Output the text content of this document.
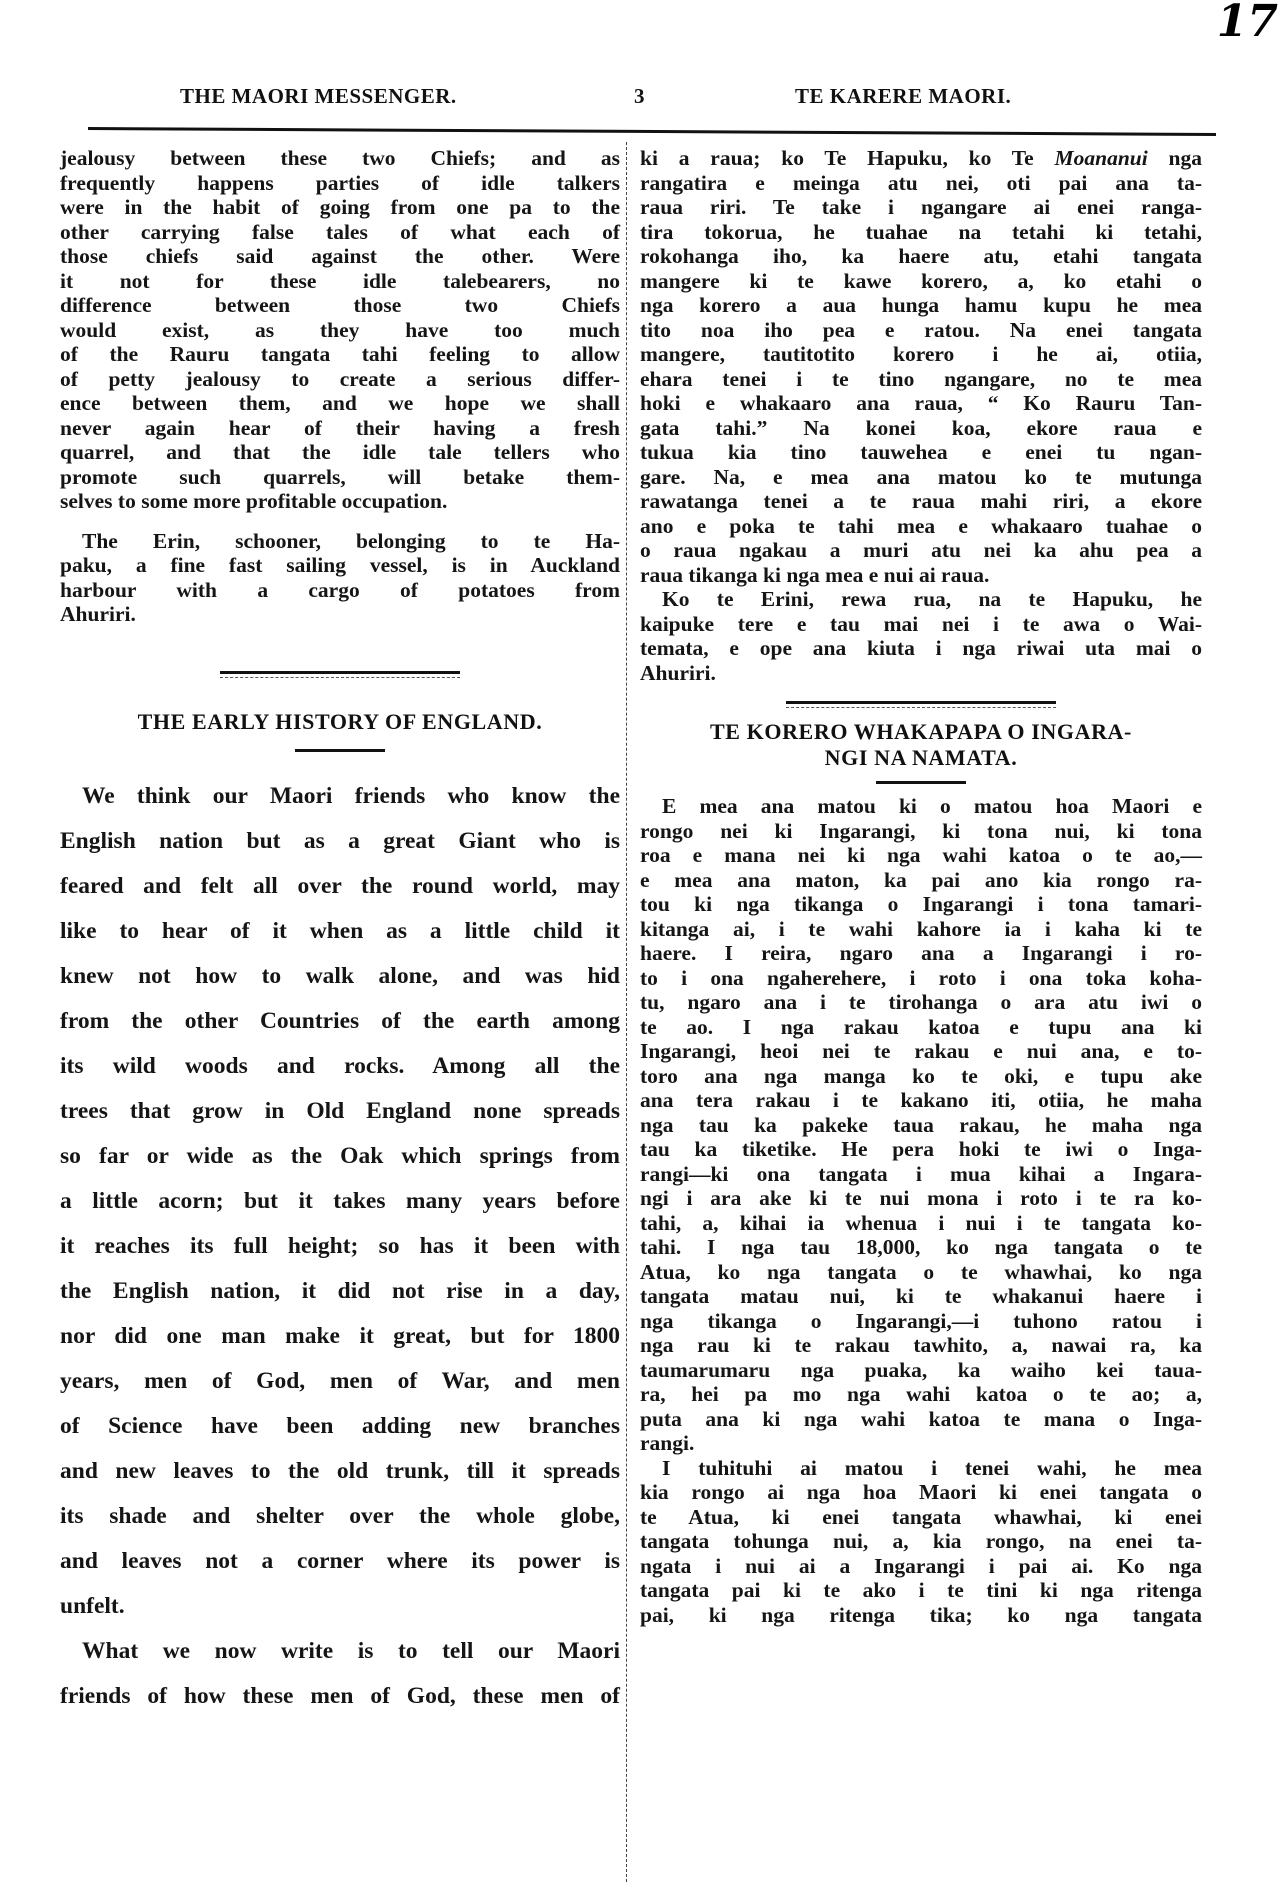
17
THE MAORI MESSENGER.	3	TE KARERE MAORI.
jealousy between these two Chiefs; and as
frequently happens parties of idle talkers
were in the habit of going from one pa to the
other carrying false tales of what each of
those chiefs said against the other. Were
it not for these idle talebearers, no
difference between those two Chiefs
would exist, as they have too much
of the Rauru tangata tahi feeling to allow
of petty jealousy to create a serious differ-
ence between them, and we hope we shall
never again hear of their having a fresh
quarrel, and that the idle tale tellers who
promote such quarrels, will betake them-
selves to some more profitable occupation.
The Erin, schooner, belonging to te Ha-
paku, a fine fast sailing vessel, is in Auckland
harbour with a cargo of potatoes from
Ahuriri.
THE EARLY HISTORY OF ENGLAND.
We think our Maori friends who know the
English nation but as a great Giant who is
feared and felt all over the round world, may
like to hear of it when as a little child it
knew not how to walk alone, and was hid
from the other Countries of the earth among
its wild woods and rocks. Among all the
trees that grow in Old England none spreads
so far or wide as the Oak which springs from
a little acorn; but it takes many years before
it reaches its full height; so has it been with
the English nation, it did not rise in a day,
nor did one man make it great, but for 1800
years, men of God, men of War, and men
of Science have been adding new branches
and new leaves to the old trunk, till it spreads
its shade and shelter over the whole globe,
and leaves not a corner where its power is
unfelt.
What we now write is to tell our Maori
friends of how these men of God, these men of
ki a raua; ko Te Hapuku, ko Te Moananui nga
rangatira e meinga atu nei, oti pai ana ta-
raua riri. Te take i ngangare ai enei ranga-
tira tokorua, he tuahae na tetahi ki tetahi,
rokohanga iho, ka haere atu, etahi tangata
mangere ki te kawe korero, a, ko etahi o
nga korero a aua hunga hamu kupu he mea
tito noa iho pea e ratou. Na enei tangata
mangere, tautitotito korero i he ai, otiia,
ehara tenei i te tino ngangare, no te mea
hoki e whakaaro ana raua, “ Ko Rauru Tan-
gata tahi.” Na konei koa, ekore raua e
tukua kia tino tauwehea e enei tu ngan-
gare. Na, e mea ana matou ko te mutunga
rawatanga tenei a te raua mahi riri, a ekore
ano e poka te tahi mea e whakaaro tuahae o
o raua ngakau a muri atu nei ka ahu pea a
raua tikanga ki nga mea e nui ai raua.
Ko te Erini, rewa rua, na te Hapuku, he
kaipuke tere e tau mai nei i te awa o Wai-
temata, e ope ana kiuta i nga riwai uta mai o
Ahuriri.
TE KORERO WHAKAPAPA O INGARA-
NGI NA NAMATA.
E mea ana matou ki o matou hoa Maori e
rongo nei ki Ingarangi, ki tona nui, ki tona
roa e mana nei ki nga wahi katoa o te ao,—
e mea ana maton, ka pai ano kia rongo ra-
tou ki nga tikanga o Ingarangi i tona tamari-
kitanga ai, i te wahi kahore ia i kaha ki te
haere. I reira, ngaro ana a Ingarangi i ro-
to i ona ngaherehere, i roto i ona toka koha-
tu, ngaro ana i te tirohanga o ara atu iwi o
te ao. I nga rakau katoa e tupu ana ki
Ingarangi, heoi nei te rakau e nui ana, e to-
toro ana nga manga ko te oki, e tupu ake
ana tera rakau i te kakano iti, otiia, he maha
nga tau ka pakeke taua rakau, he maha nga
tau ka tiketike. He pera hoki te iwi o Inga-
rangi—ki ona tangata i mua kihai a Ingara-
ngi i ara ake ki te nui mona i roto i te ra ko-
tahi, a, kihai ia whenua i nui i te tangata ko-
tahi. I nga tau 18,000, ko nga tangata o te
Atua, ko nga tangata o te whawhai, ko nga
tangata matau nui, ki te whakanui haere i
nga tikanga o Ingarangi,—i tuhono ratou i
nga rau ki te rakau tawhito, a, nawai ra, ka
taumarumaru nga puaka, ka waiho kei taua-
ra, hei pa mo nga wahi katoa o te ao; a,
puta ana ki nga wahi katoa te mana o Inga-
rangi.
I tuhituhi ai matou i tenei wahi, he mea
kia rongo ai nga hoa Maori ki enei tangata o
te Atua, ki enei tangata whawhai, ki enei
tangata tohunga nui, a, kia rongo, na enei ta-
ngata i nui ai a Ingarangi i pai ai. Ko nga
tangata pai ki te ako i te tini ki nga ritenga
pai, ki nga ritenga tika; ko nga tangata
